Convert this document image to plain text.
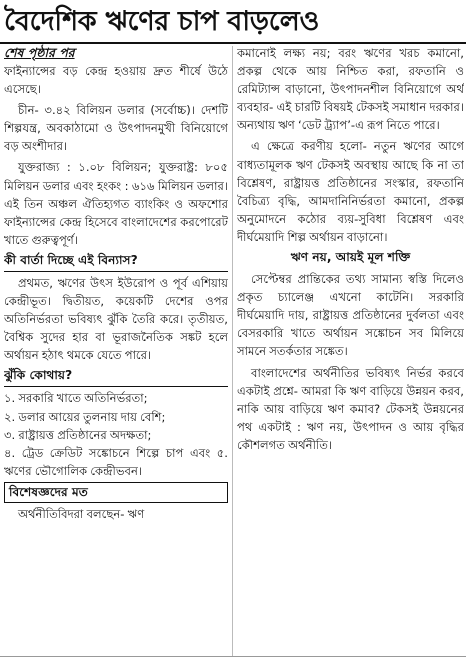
বৈদেশিক ঋণের চাপ বাড়লেও
শেষ পৃষ্ঠার পর

ফাইন্যান্সের বড় কেন্দ্র হওয়ায় দ্রুত শীর্ষে উঠে এসেছে।

চীন- ৩.৪২ বিলিয়ন ডলার (সর্বোচ্চ)। দেশটি শিল্পযন্ত্র, অবকাঠামো ও উৎপাদনমুখী বিনিয়োগে বড় অংশীদার।

যুক্তরাজ্য : ১.০৮ বিলিয়ন; যুক্তরাষ্ট্র: ৮০৫ মিলিয়ন ডলার এবং হংকং : ৬১৬ মিলিয়ন ডলার। এই তিন অঞ্চল ঐতিহ্যগত ব্যাংকিং ও অফশোর ফাইন্যান্সের কেন্দ্র হিসেবে বাংলাদেশের করপোরেট খাতে গুরুত্বপূর্ণ।

কী বার্তা দিচ্ছে এই বিন্যাস?

প্রথমত, ঋণের উৎস ইউরোপ ও পূর্ব এশিয়ায় কেন্দ্রীভূত। দ্বিতীয়ত, কয়েকটি দেশের ওপর অতিনির্ভরতা ভবিষ্যৎ ঝুঁকি তৈরি করে। তৃতীয়ত, বৈশ্বিক সুদের হার বা ভূরাজনৈতিক সঙ্কট হলে অর্থায়ন হঠাৎ থমকে যেতে পারে।

ঝুঁকি কোথায়?

১. সরকারি খাতে অতিনির্ভরতা;

২. ডলার আয়ের তুলনায় দায় বেশি;

৩. রাষ্ট্রায়ত্ত প্রতিষ্ঠানের অদক্ষতা;

৪. ট্রেড ক্রেডিট সঙ্কোচনে শিল্পে চাপ এবং ৫. ঋণের ভৌগোলিক কেন্দ্রীভবন।

বিশেষজ্ঞদের মত

অর্থনীতিবিদরা বলছেন- ঋণ

কমানোই লক্ষ্য নয়; বরং ঋণের খরচ কমানো, প্রকল্প থেকে আয় নিশ্চিত করা, রফতানি ও রেমিট্যান্স বাড়ানো, উৎপাদনশীল বিনিয়োগে অর্থ ব্যবহার- এই চারটি বিষয়ই টেকসই সমাধান দরকার। অন্যথায় ঋণ ‘ডেট ট্র্যাপ’-এ রূপ নিতে পারে।

এ ক্ষেত্রে করণীয় হলো- নতুন ঋণের আগে বাধ্যতামূলক ঋণ টেকসই অবস্থায় আছে কি না তা বিশ্লেষণ, রাষ্ট্রায়ত্ত প্রতিষ্ঠানের সংস্কার, রফতানি বৈচিত্র্য বৃদ্ধি, আমদানিনির্ভরতা কমানো, প্রকল্প অনুমোদনে কঠোর ব্যয়-সুবিধা বিশ্লেষণ এবং দীর্ঘমেয়াদি শিল্প অর্থায়ন বাড়ানো।

ঋণ নয়, আয়ই মূল শক্তি

সেপ্টেম্বর প্রান্তিকের তথ্য সামান্য স্বস্তি দিলেও প্রকৃত চ্যালেঞ্জ এখনো কাটেনি। সরকারি দীর্ঘমেয়াদি দায়, রাষ্ট্রায়ত্ত প্রতিষ্ঠানের দুর্বলতা এবং বেসরকারি খাতে অর্থায়ন সঙ্কোচন সব মিলিয়ে সামনে সতর্কতার সঙ্কেত।

বাংলাদেশের অর্থনীতির ভবিষ্যৎ নির্ভর করবে একটাই প্রশ্নে- আমরা কি ঋণ বাড়িয়ে উন্নয়ন করব, নাকি আয় বাড়িয়ে ঋণ কমাব? টেকসই উন্নয়নের পথ একটাই : ঋণ নয়, উৎপাদন ও আয় বৃদ্ধির কৌশলগত অর্থনীতি।
